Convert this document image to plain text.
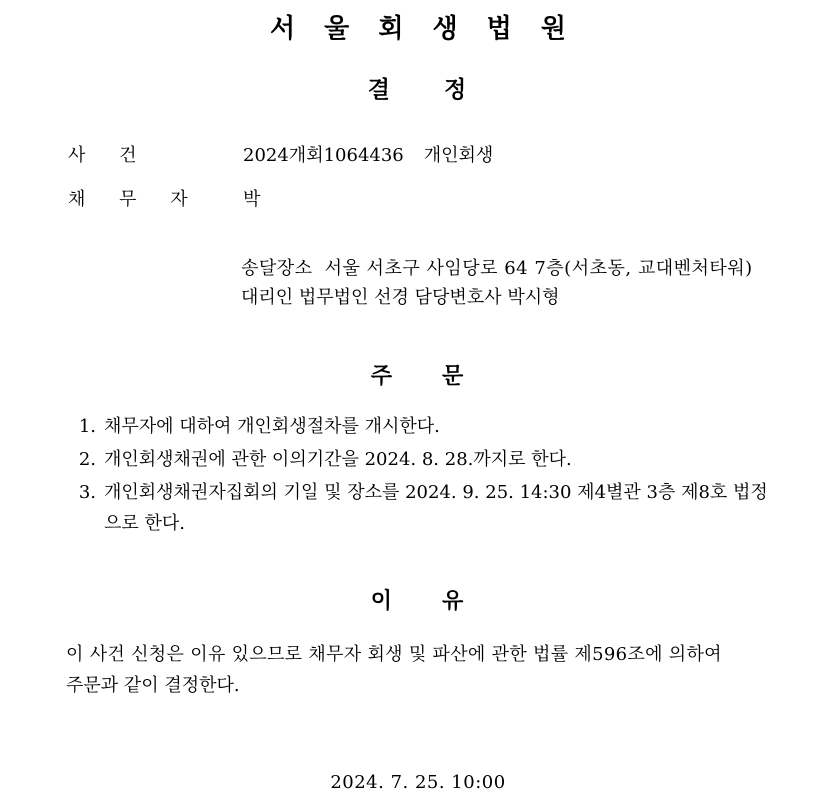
서 울 회 생 법 원
결 정
사 건	2024개회1064436 개인회생
채 무 자	박
송달장소 서울 서초구 사임당로 64 7층(서초동, 교대벤처타워)
대리인 법무법인 선경 담당변호사 박시형
주 문
1. 채무자에 대하여 개인회생절차를 개시한다.
2. 개인회생채권에 관한 이의기간을 2024. 8. 28.까지로 한다.
3. 개인회생채권자집회의 기일 및 장소를 2024. 9. 25. 14:30 제4별관 3층 제8호 법정으로 한다.
이 유
이 사건 신청은 이유 있으므로 채무자 회생 및 파산에 관한 법률 제596조에 의하여
주문과 같이 결정한다.
2024. 7. 25. 10:00
